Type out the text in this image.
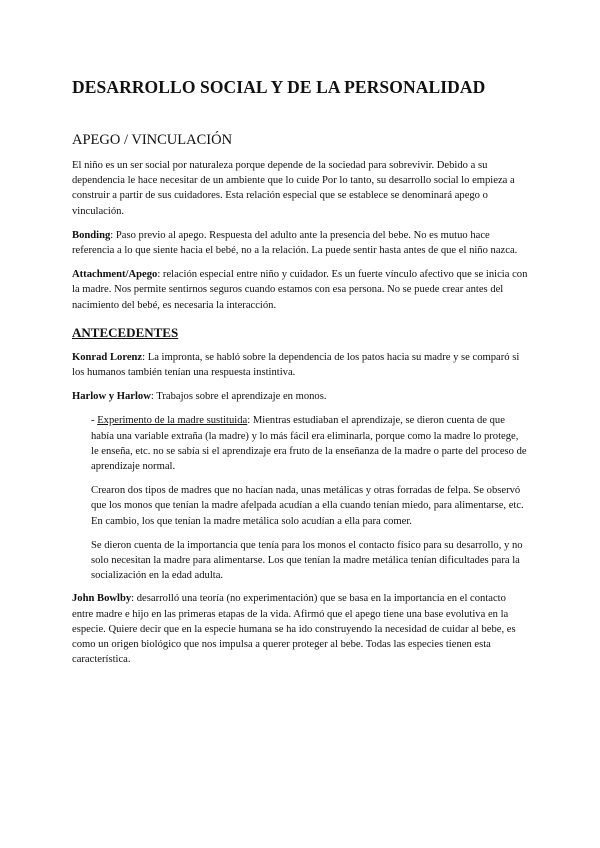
DESARROLLO SOCIAL Y DE LA PERSONALIDAD
APEGO / VINCULACIÓN

El niño es un ser social por naturaleza porque depende de la sociedad para sobrevivir. Debido a su dependencia le hace necesitar de un ambiente que lo cuide Por lo tanto, su desarrollo social lo empieza a construir a partir de sus cuidadores. Esta relación especial que se establece se denominará apego o vinculación.

Bonding: Paso previo al apego. Respuesta del adulto ante la presencia del bebe. No es mutuo hace referencia a lo que siente hacia el bebé, no a la relación. La puede sentir hasta antes de que el niño nazca.

Attachment/Apego: relación especial entre niño y cuidador. Es un fuerte vínculo afectivo que se inicia con la madre. Nos permite sentirnos seguros cuando estamos con esa persona. No se puede crear antes del nacimiento del bebé, es necesaria la interacción.

ANTECEDENTES

Konrad Lorenz: La impronta, se habló sobre la dependencia de los patos hacia su madre y se comparó si los humanos también tenían una respuesta instintiva.

Harlow y Harlow: Trabajos sobre el aprendizaje en monos.

- Experimento de la madre sustituida: Mientras estudiaban el aprendizaje, se dieron cuenta de que había una variable extraña (la madre) y lo más fácil era eliminarla, porque como la madre lo protege, le enseña, etc. no se sabía si el aprendizaje era fruto de la enseñanza de la madre o parte del proceso de aprendizaje normal.

Crearon dos tipos de madres que no hacían nada, unas metálicas y otras forradas de felpa. Se observó que los monos que tenían la madre afelpada acudían a ella cuando tenían miedo, para alimentarse, etc. En cambio, los que tenían la madre metálica solo acudían a ella para comer.

Se dieron cuenta de la importancia que tenía para los monos el contacto físico para su desarrollo, y no solo necesitan la madre para alimentarse. Los que tenían la madre metálica tenían dificultades para la socialización en la edad adulta.

John Bowlby: desarrolló una teoría (no experimentación) que se basa en la importancia en el contacto entre madre e hijo en las primeras etapas de la vida. Afirmó que el apego tiene una base evolutiva en la especie. Quiere decir que en la especie humana se ha ido construyendo la necesidad de cuidar al bebe, es como un origen biológico que nos impulsa a querer proteger al bebe. Todas las especies tienen esta característica.
